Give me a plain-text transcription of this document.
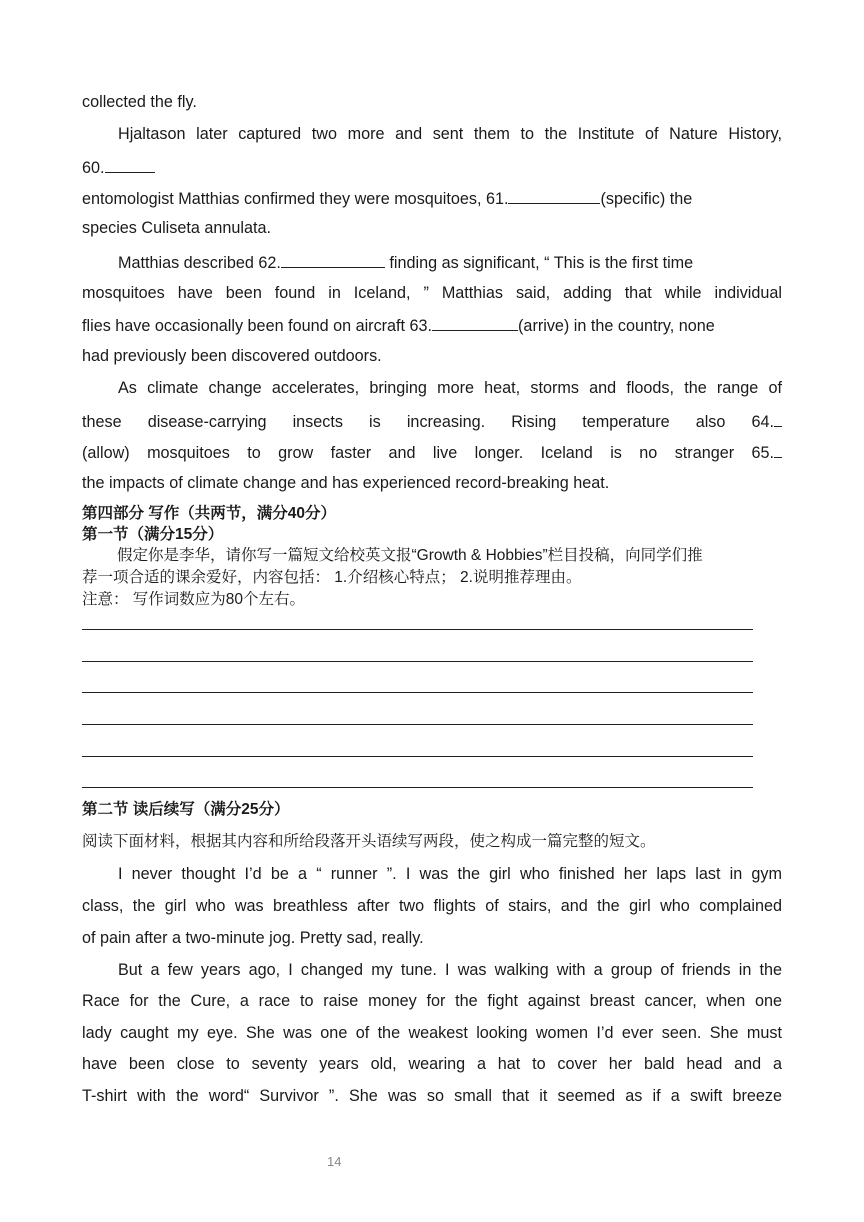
collected the fly.
Hjaltason later captured two more and sent them to the Institute of Nature History,
60.
entomologist Matthias confirmed they were mosquitoes, 61.	(specific) the
species Culiseta annulata.
Matthias described 62.	finding as significant, “ This is the first time
mosquitoes have been found in Iceland, ” Matthias said, adding that while individual
flies have occasionally been found on aircraft 63.	(arrive) in the country, none
had previously been discovered outdoors.
As climate change accelerates, bringing more heat, storms and floods, the range of
these disease-carrying insects is increasing. Rising temperature also 64.
(allow) mosquitoes to grow faster and live longer. Iceland is no stranger 65.
the impacts of climate change and has experienced record-breaking heat.
第四部分 写作（共两节，满分40分）
第一节（满分15分）
假定你是李华，请你写一篇短文给校英文报“Growth & Hobbies”栏目投稿，向同学们推
荐一项合适的课余爱好，内容包括： 1.介绍核心特点； 2.说明推荐理由。
注意： 写作词数应为80个左右。
第二节 读后续写（满分25分）
阅读下面材料，根据其内容和所给段落开头语续写两段，使之构成一篇完整的短文。
I never thought I’d be a “ runner ”. I was the girl who finished her laps last in gym
class, the girl who was breathless after two flights of stairs, and the girl who complained
of pain after a two-minute jog. Pretty sad, really.
But a few years ago, I changed my tune. I was walking with a group of friends in the
Race for the Cure, a race to raise money for the fight against breast cancer, when one
lady caught my eye. She was one of the weakest looking women I’d ever seen. She must
have been close to seventy years old, wearing a hat to cover her bald head and a
T-shirt with the word“ Survivor ”. She was so small that it seemed as if a swift breeze
14
